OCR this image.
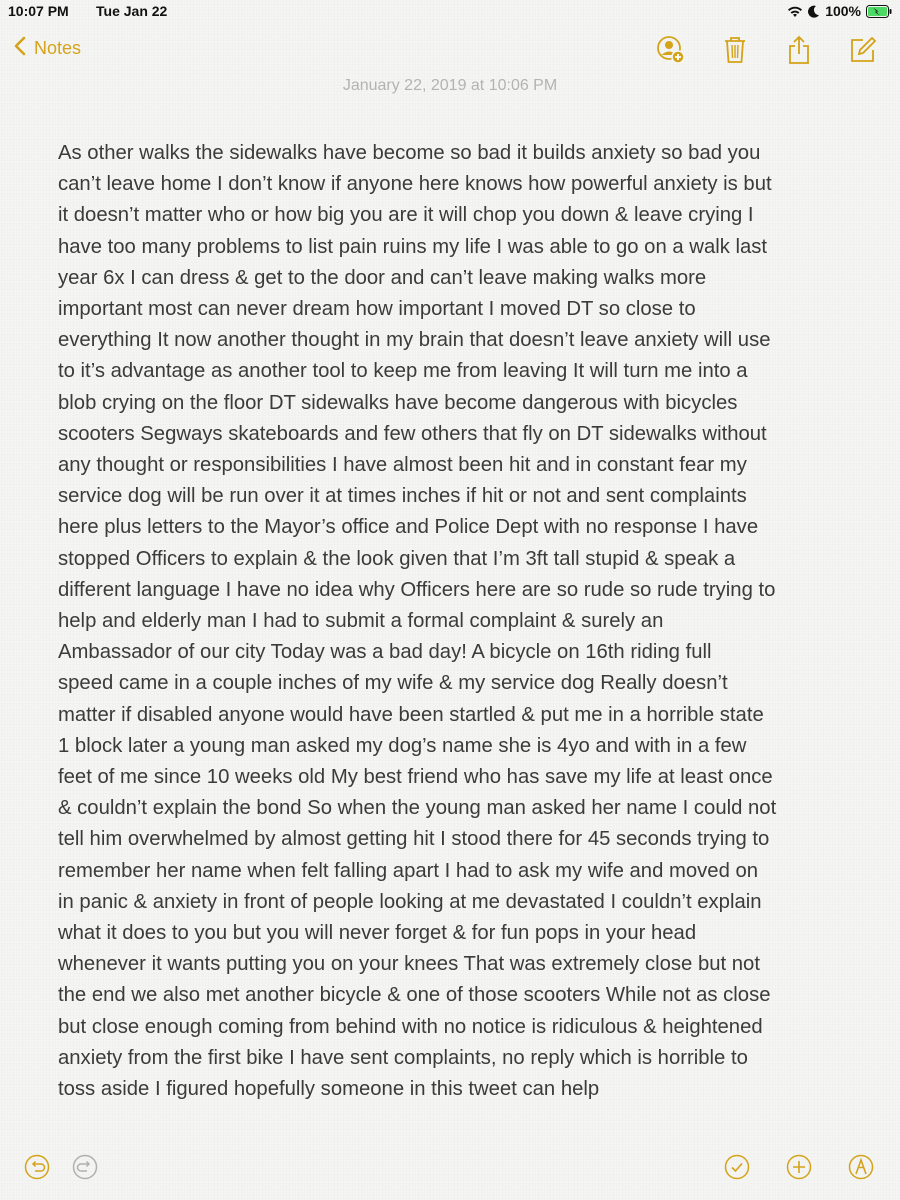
10:07 PM Tue Jan 22	100%
Notes
January 22, 2019 at 10:06 PM
As other walks the sidewalks have become so bad it builds anxiety so bad you
can’t leave home I don’t know if anyone here knows how powerful anxiety is but
it doesn’t matter who or how big you are it will chop you down & leave crying I
have too many problems to list pain ruins my life I was able to go on a walk last
year 6x I can dress & get to the door and can’t leave making walks more
important most can never dream how important I moved DT so close to
everything It now another thought in my brain that doesn’t leave anxiety will use
to it’s advantage as another tool to keep me from leaving It will turn me into a
blob crying on the floor DT sidewalks have become dangerous with bicycles
scooters Segways skateboards and few others that fly on DT sidewalks without
any thought or responsibilities I have almost been hit and in constant fear my
service dog will be run over it at times inches if hit or not and sent complaints
here plus letters to the Mayor’s office and Police Dept with no response I have
stopped Officers to explain & the look given that I’m 3ft tall stupid & speak a
different language I have no idea why Officers here are so rude so rude trying to
help and elderly man I had to submit a formal complaint & surely an
Ambassador of our city Today was a bad day! A bicycle on 16th riding full
speed came in a couple inches of my wife & my service dog Really doesn’t
matter if disabled anyone would have been startled & put me in a horrible state
1 block later a young man asked my dog’s name she is 4yo and with in a few
feet of me since 10 weeks old My best friend who has save my life at least once
& couldn’t explain the bond So when the young man asked her name I could not
tell him overwhelmed by almost getting hit I stood there for 45 seconds trying to
remember her name when felt falling apart I had to ask my wife and moved on
in panic & anxiety in front of people looking at me devastated I couldn’t explain
what it does to you but you will never forget & for fun pops in your head
whenever it wants putting you on your knees That was extremely close but not
the end we also met another bicycle & one of those scooters While not as close
but close enough coming from behind with no notice is ridiculous & heightened
anxiety from the first bike I have sent complaints, no reply which is horrible to
toss aside I figured hopefully someone in this tweet can help
